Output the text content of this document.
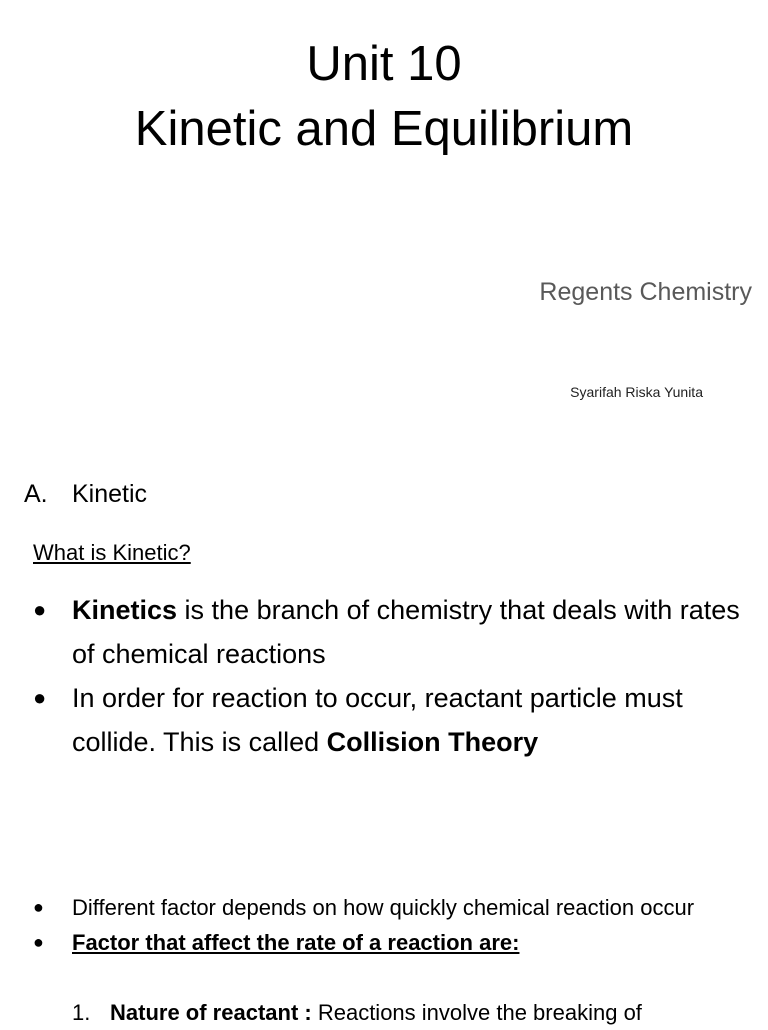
Unit 10
Kinetic and Equilibrium
Regents Chemistry
Syarifah Riska Yunita
A. Kinetic
What is Kinetic?
● Kinetics is the branch of chemistry that deals with rates of chemical reactions
● In order for reaction to occur, reactant particle must collide. This is called Collision Theory
● Different factor depends on how quickly chemical reaction occur
● Factor that affect the rate of a reaction are:
1. Nature of reactant : Reactions involve the breaking of
